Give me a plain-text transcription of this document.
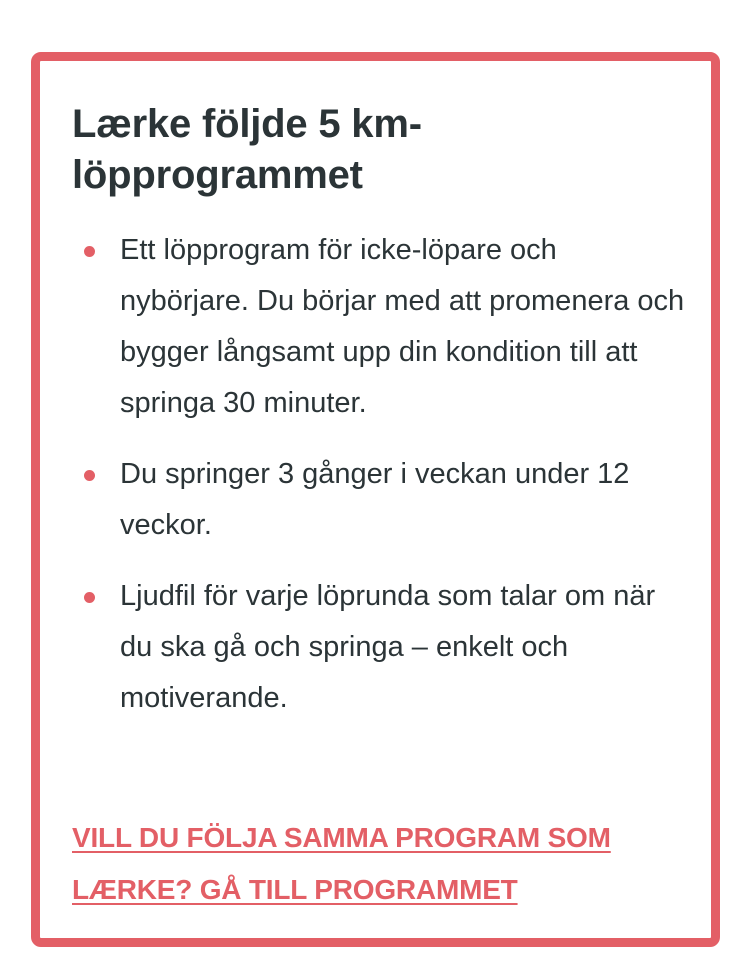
Lærke följde 5 km-löpprogrammet
Ett löpprogram för icke-löpare och nybörjare. Du börjar med att promenera och bygger långsamt upp din kondition till att springa 30 minuter.
Du springer 3 gånger i veckan under 12 veckor.
Ljudfil för varje löprunda som talar om när du ska gå och springa – enkelt och motiverande.
VILL DU FÖLJA SAMMA PROGRAM SOM LÆRKE? GÅ TILL PROGRAMMET
